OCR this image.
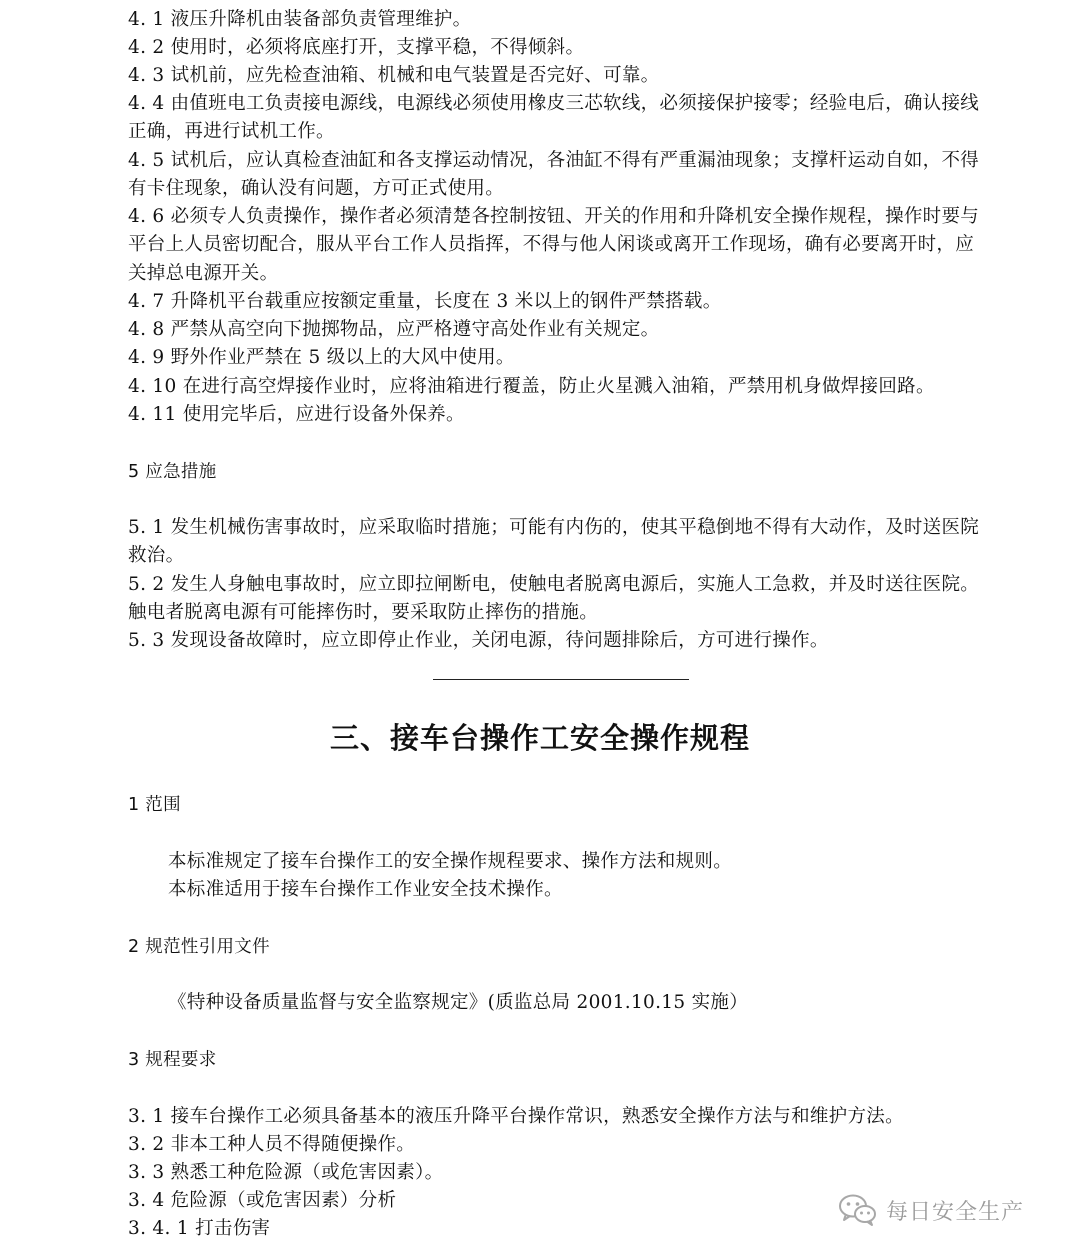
4. 1 液压升降机由装备部负责管理维护。
4. 2 使用时，必须将底座打开，支撑平稳，不得倾斜。
4. 3 试机前，应先检查油箱、机械和电气装置是否完好、可靠。
4. 4 由值班电工负责接电源线，电源线必须使用橡皮三芯软线，必须接保护接零；经验电后，确认接线
正确，再进行试机工作。
4. 5 试机后，应认真检查油缸和各支撑运动情况，各油缸不得有严重漏油现象；支撑杆运动自如，不得
有卡住现象，确认没有问题，方可正式使用。
4. 6 必须专人负责操作，操作者必须清楚各控制按钮、开关的作用和升降机安全操作规程，操作时要与
平台上人员密切配合，服从平台工作人员指挥，不得与他人闲谈或离开工作现场，确有必要离开时，应
关掉总电源开关。
4. 7 升降机平台载重应按额定重量，长度在 3 米以上的钢件严禁搭载。
4. 8 严禁从高空向下抛掷物品，应严格遵守高处作业有关规定。
4. 9 野外作业严禁在 5 级以上的大风中使用。
4. 10 在进行高空焊接作业时，应将油箱进行覆盖，防止火星溅入油箱，严禁用机身做焊接回路。
4. 11 使用完毕后，应进行设备外保养。
5 应急措施
5. 1 发生机械伤害事故时，应采取临时措施；可能有内伤的，使其平稳倒地不得有大动作，及时送医院
救治。
5. 2 发生人身触电事故时，应立即拉闸断电，使触电者脱离电源后，实施人工急救，并及时送往医院。
触电者脱离电源有可能摔伤时，要采取防止摔伤的措施。
5. 3 发现设备故障时，应立即停止作业，关闭电源，待问题排除后，方可进行操作。
三、接车台操作工安全操作规程
1 范围
本标准规定了接车台操作工的安全操作规程要求、操作方法和规则。
本标准适用于接车台操作工作业安全技术操作。
2 规范性引用文件
《特种设备质量监督与安全监察规定》(质监总局 2001.10.15 实施）
3 规程要求
3. 1 接车台操作工必须具备基本的液压升降平台操作常识，熟悉安全操作方法与和维护方法。
3. 2 非本工种人员不得随便操作。
3. 3 熟悉工种危险源（或危害因素）。
3. 4 危险源（或危害因素）分析
3. 4. 1 打击伤害
每日安全生产
